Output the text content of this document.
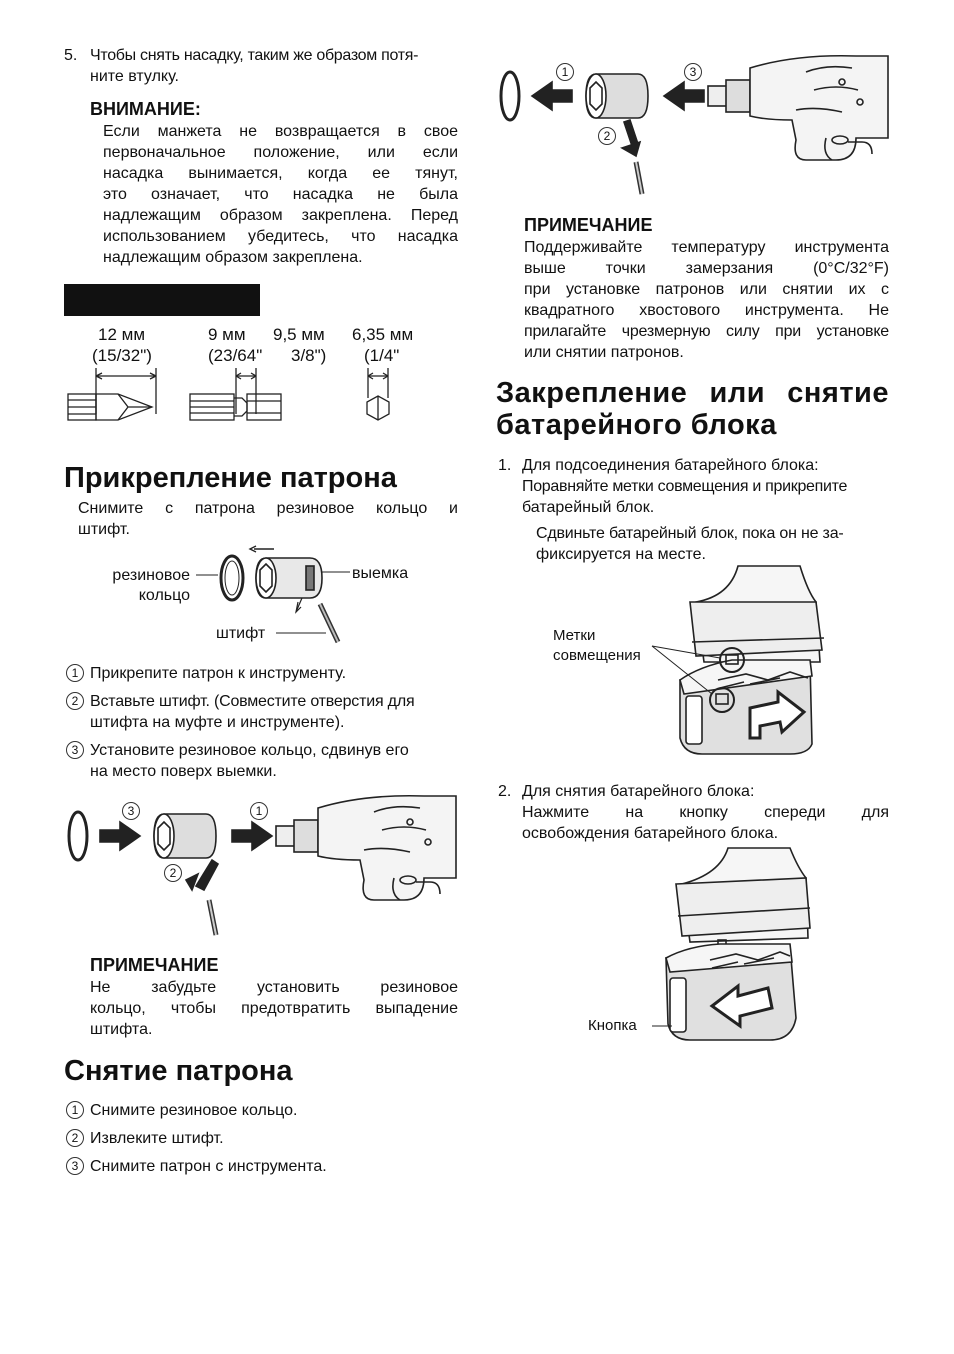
5. Чтобы снять насадку, таким же образом потя-
ните втулку.
ВНИМАНИЕ:
Если манжета не возвращается в свое
первоначальное положение, или если
насадка вынимается, когда ее тянут,
это означает, что насадка не была
надлежащим образом закреплена. Перед
использованием убедитесь, что насадка
надлежащим образом закреплена.
12 мм
(15/32")
9 мм 9,5 мм
(23/64" 3/8")
6,35 мм
(1/4"
Прикрепление патрона
Снимите с патрона резиновое кольцо и
штифт.
резиновое
кольцо
выемка
штифт
1 Прикрепите патрон к инструменту.
2 Вставьте штифт. (Совместите отверстия для
штифта на муфте и инструменте).
3 Установите резиновое кольцо, сдвинув его
на место поверх выемки.
3	1
2
ПРИМЕЧАНИЕ
Не забудьте установить резиновое
кольцо, чтобы предотвратить выпадение
штифта.
Снятие патрона
1 Снимите резиновое кольцо.
2 Извлеките штифт.
3 Снимите патрон с инструмента.
1	3
2
ПРИМЕЧАНИЕ
Поддерживайте температуру инструмента
выше точки замерзания (0°C/32°F)
при установке патронов или снятии их с
квадратного хвостового инструмента. Не
прилагайте чрезмерную силу при установке
или снятии патронов.
Закрепление или снятие
батарейного блока
1. Для подсоединения батарейного блока:
Поравняйте метки совмещения и прикрепите
батарейный блок.
Сдвиньте батарейный блок, пока он не за-
фиксируется на месте.
Метки
совмещения
2. Для снятия батарейного блока:
Нажмите на кнопку спереди для
освобождения батарейного блока.
Кнопка
